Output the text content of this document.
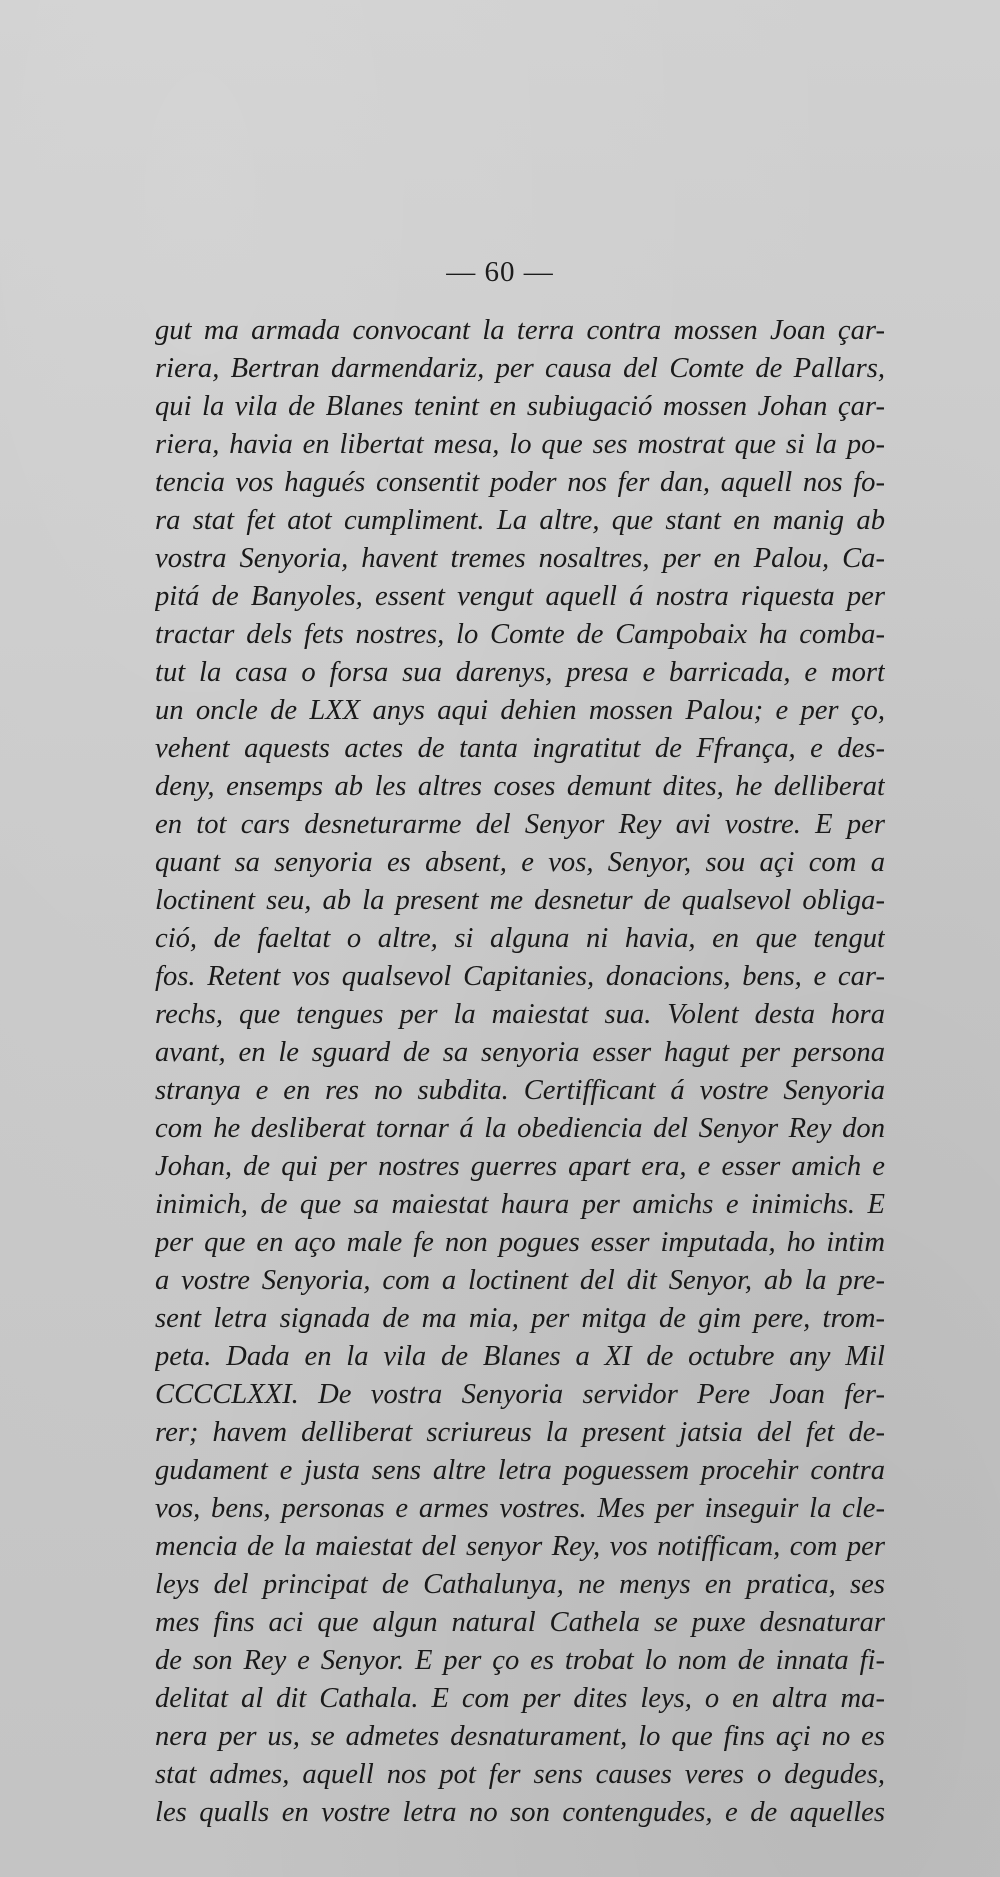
— 60 —
gut ma armada convocant la terra contra mossen Joan çar-
riera, Bertran darmendariz, per causa del Comte de Pallars,
qui la vila de Blanes tenint en subiugació mossen Johan çar-
riera, havia en libertat mesa, lo que ses mostrat que si la po-
tencia vos hagués consentit poder nos fer dan, aquell nos fo-
ra stat fet atot cumpliment. La altre, que stant en manig ab
vostra Senyoria, havent tremes nosaltres, per en Palou, Ca-
pitá de Banyoles, essent vengut aquell á nostra riquesta per
tractar dels fets nostres, lo Comte de Campobaix ha comba-
tut la casa o forsa sua darenys, presa e barricada, e mort
un oncle de LXX anys aqui dehien mossen Palou; e per ço,
vehent aquests actes de tanta ingratitut de Ffrança, e des-
deny, ensemps ab les altres coses demunt dites, he delliberat
en tot cars desneturarme del Senyor Rey avi vostre. E per
quant sa senyoria es absent, e vos, Senyor, sou açi com a
loctinent seu, ab la present me desnetur de qualsevol obliga-
ció, de faeltat o altre, si alguna ni havia, en que tengut
fos. Retent vos qualsevol Capitanies, donacions, bens, e car-
rechs, que tengues per la maiestat sua. Volent desta hora
avant, en le sguard de sa senyoria esser hagut per persona
stranya e en res no subdita. Certifficant á vostre Senyoria
com he desliberat tornar á la obediencia del Senyor Rey don
Johan, de qui per nostres guerres apart era, e esser amich e
inimich, de que sa maiestat haura per amichs e inimichs. E
per que en açо male fe non pogues esser imputada, ho intim
a vostre Senyoria, com a loctinent del dit Senyor, ab la pre-
sent letra signada de ma mia, per mitga de gim pere, trom-
peta. Dada en la vila de Blanes a XI de octubre any Mil
CCCCLXXI. De vostra Senyoria servidor Pere Joan fer-
rer; havem delliberat scriureus la present jatsia del fet de-
gudament e justa sens altre letra poguessem procehir contra
vos, bens, personas e armes vostres. Mes per inseguir la cle-
mencia de la maiestat del senyor Rey, vos notifficam, com per
leys del principat de Cathalunya, ne menys en pratica, ses
mes fins aci que algun natural Cathela se puxe desnaturar
de son Rey e Senyor. E per ço es trobat lo nom de innata fi-
delitat al dit Cathala. E com per dites leys, o en altra ma-
nera per us, se admetes desnaturament, lo que fins açi no es
stat admes, aquell nos pot fer sens causes veres o degudes,
les qualls en vostre letra no son contengudes, e de aquelles
